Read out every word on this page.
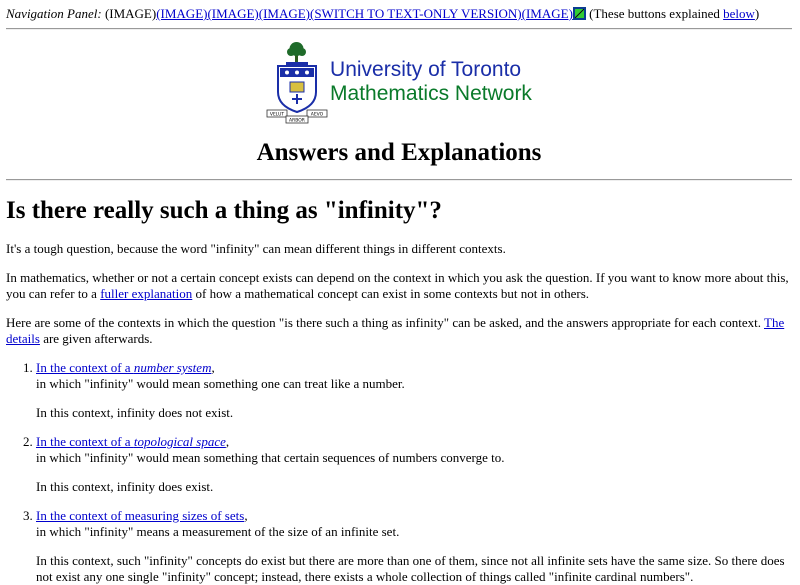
Navigation Panel: (IMAGE)(IMAGE)(IMAGE)(IMAGE)(SWITCH TO TEXT-ONLY VERSION)(IMAGE) (These buttons explained below)
VELUT	AEVO
ARBOR
University of Toronto
Mathematics Network
Answers and Explanations
Is there really such a thing as "infinity"?

It's a tough question, because the word "infinity" can mean different things in different contexts.

In mathematics, whether or not a certain concept exists can depend on the context in which you ask the question. If you want to know more about this, you can refer to a fuller explanation of how a mathematical concept can exist in some contexts but not in others.

Here are some of the contexts in which the question "is there such a thing as infinity" can be asked, and the answers appropriate for each context. The details are given afterwards.

1. In the context of a number system,
in which "infinity" would mean something one can treat like a number.
In this context, infinity does not exist.
2. In the context of a topological space,
in which "infinity" would mean something that certain sequences of numbers converge to.
In this context, infinity does exist.
3. In the context of measuring sizes of sets,
in which "infinity" means a measurement of the size of an infinite set.
In this context, such "infinity" concepts do exist but there are more than one of them, since not all infinite sets have the same size. So there does not exist any one single "infinity" concept; instead, there exists a whole collection of things called "infinite cardinal numbers".
